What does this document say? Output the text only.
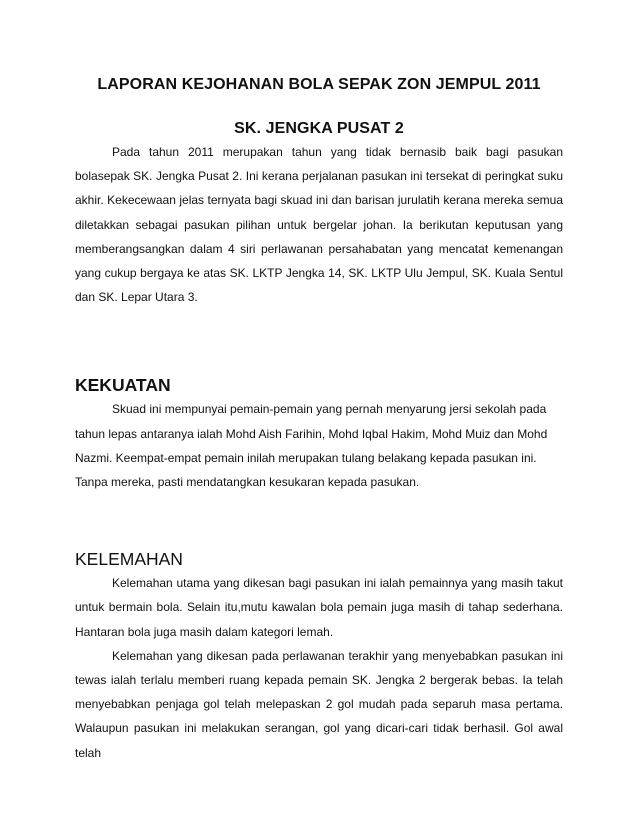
LAPORAN KEJOHANAN BOLA SEPAK ZON JEMPUL 2011
SK. JENGKA PUSAT 2

Pada tahun 2011 merupakan tahun yang tidak bernasib baik bagi pasukan bolasepak SK. Jengka Pusat 2. Ini kerana perjalanan pasukan ini tersekat di peringkat suku akhir. Kekecewaan jelas ternyata bagi skuad ini dan barisan jurulatih kerana mereka semua diletakkan sebagai pasukan pilihan untuk bergelar johan. Ia berikutan keputusan yang memberangsangkan dalam 4 siri perlawanan persahabatan yang mencatat kemenangan yang cukup bergaya ke atas SK. LKTP Jengka 14, SK. LKTP Ulu Jempul, SK. Kuala Sentul dan SK. Lepar Utara 3.

KEKUATAN

Skuad ini mempunyai pemain-pemain yang pernah menyarung jersi sekolah pada tahun lepas antaranya ialah Mohd Aish Farihin, Mohd Iqbal Hakim, Mohd Muiz dan Mohd Nazmi. Keempat-empat pemain inilah merupakan tulang belakang kepada pasukan ini. Tanpa mereka, pasti mendatangkan kesukaran kepada pasukan.

KELEMAHAN

Kelemahan utama yang dikesan bagi pasukan ini ialah pemainnya yang masih takut untuk bermain bola. Selain itu,mutu kawalan bola pemain juga masih di tahap sederhana. Hantaran bola juga masih dalam kategori lemah.

Kelemahan yang dikesan pada perlawanan terakhir yang menyebabkan pasukan ini tewas ialah terlalu memberi ruang kepada pemain SK. Jengka 2 bergerak bebas. Ia telah menyebabkan penjaga gol telah melepaskan 2 gol mudah pada separuh masa pertama. Walaupun pasukan ini melakukan serangan, gol yang dicari-cari tidak berhasil. Gol awal telah
